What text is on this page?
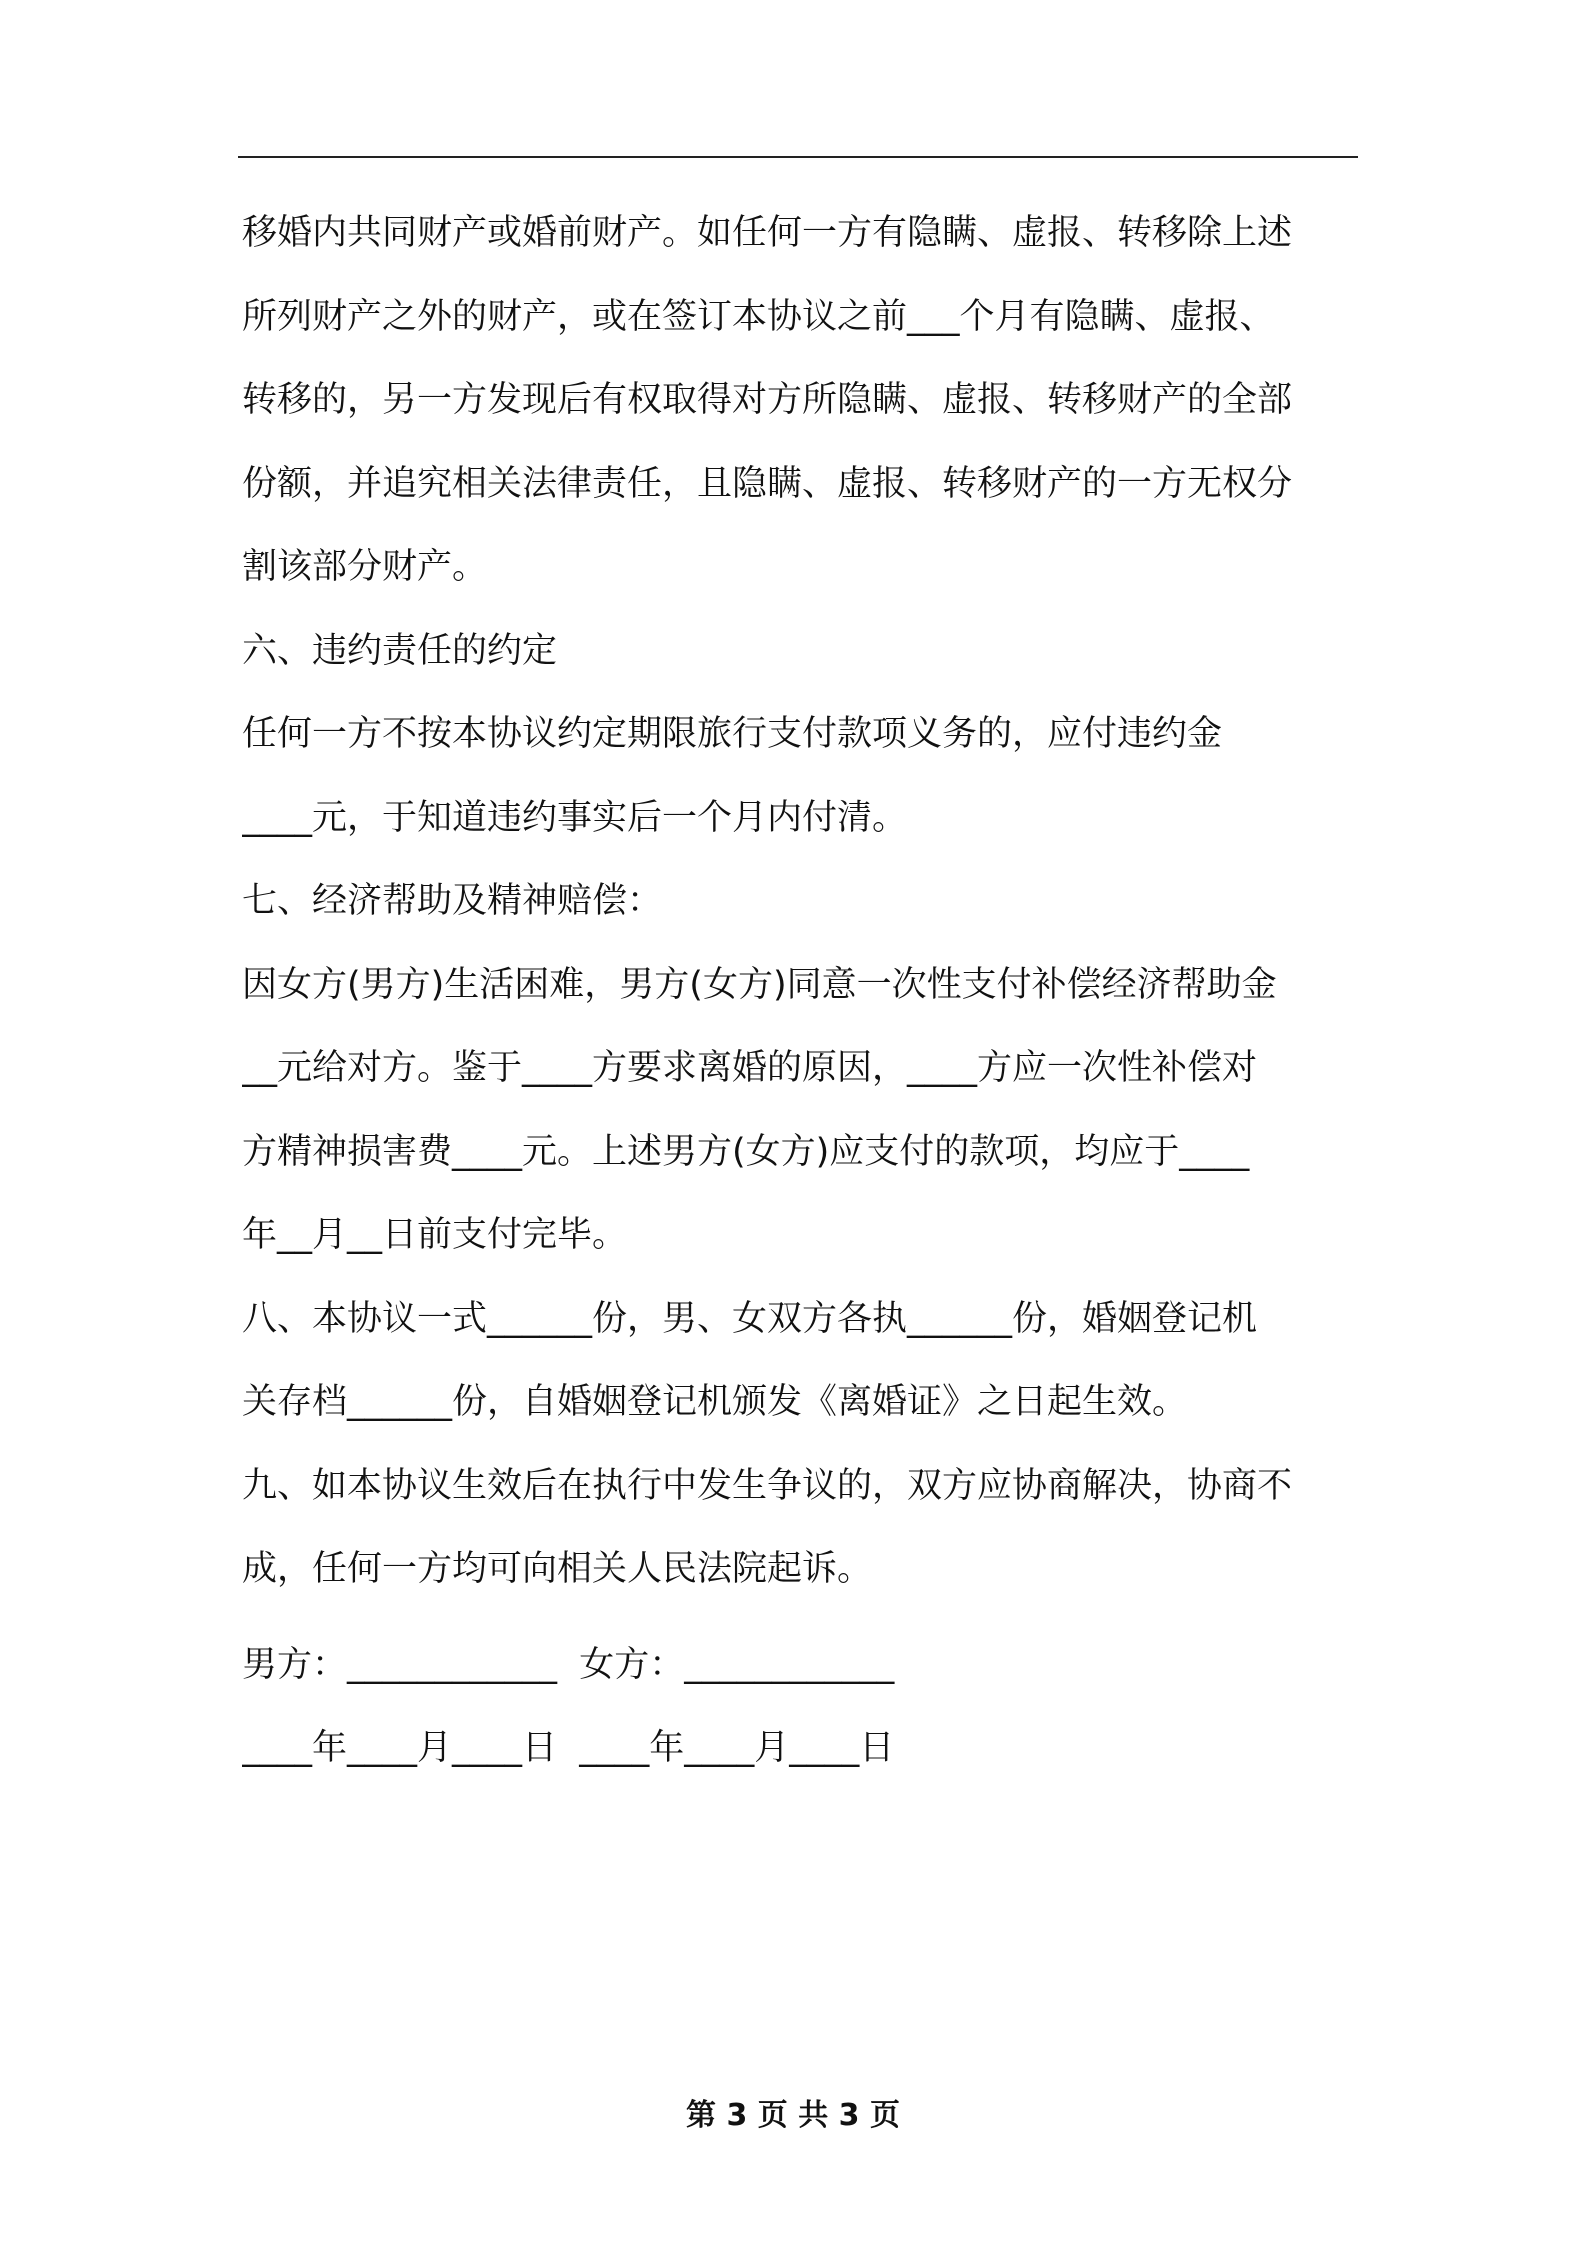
移婚内共同财产或婚前财产。如任何一方有隐瞒、虚报、转移除上述
所列财产之外的财产，或在签订本协议之前___个月有隐瞒、虚报、
转移的，另一方发现后有权取得对方所隐瞒、虚报、转移财产的全部
份额，并追究相关法律责任，且隐瞒、虚报、转移财产的一方无权分
割该部分财产。
六、违约责任的约定
任何一方不按本协议约定期限旅行支付款项义务的，应付违约金
____元，于知道违约事实后一个月内付清。
七、经济帮助及精神赔偿：
因女方(男方)生活困难，男方(女方)同意一次性支付补偿经济帮助金
__元给对方。鉴于____方要求离婚的原因，____方应一次性补偿对
方精神损害费____元。上述男方(女方)应支付的款项，均应于____
年__月__日前支付完毕。
八、本协议一式______份，男、女双方各执______份，婚姻登记机
关存档______份，自婚姻登记机颁发《离婚证》之日起生效。
九、如本协议生效后在执行中发生争议的，双方应协商解决，协商不
成，任何一方均可向相关人民法院起诉。
男方：____________  女方：____________
____年____月____日  ____年____月____日
第 3 页 共 3 页
